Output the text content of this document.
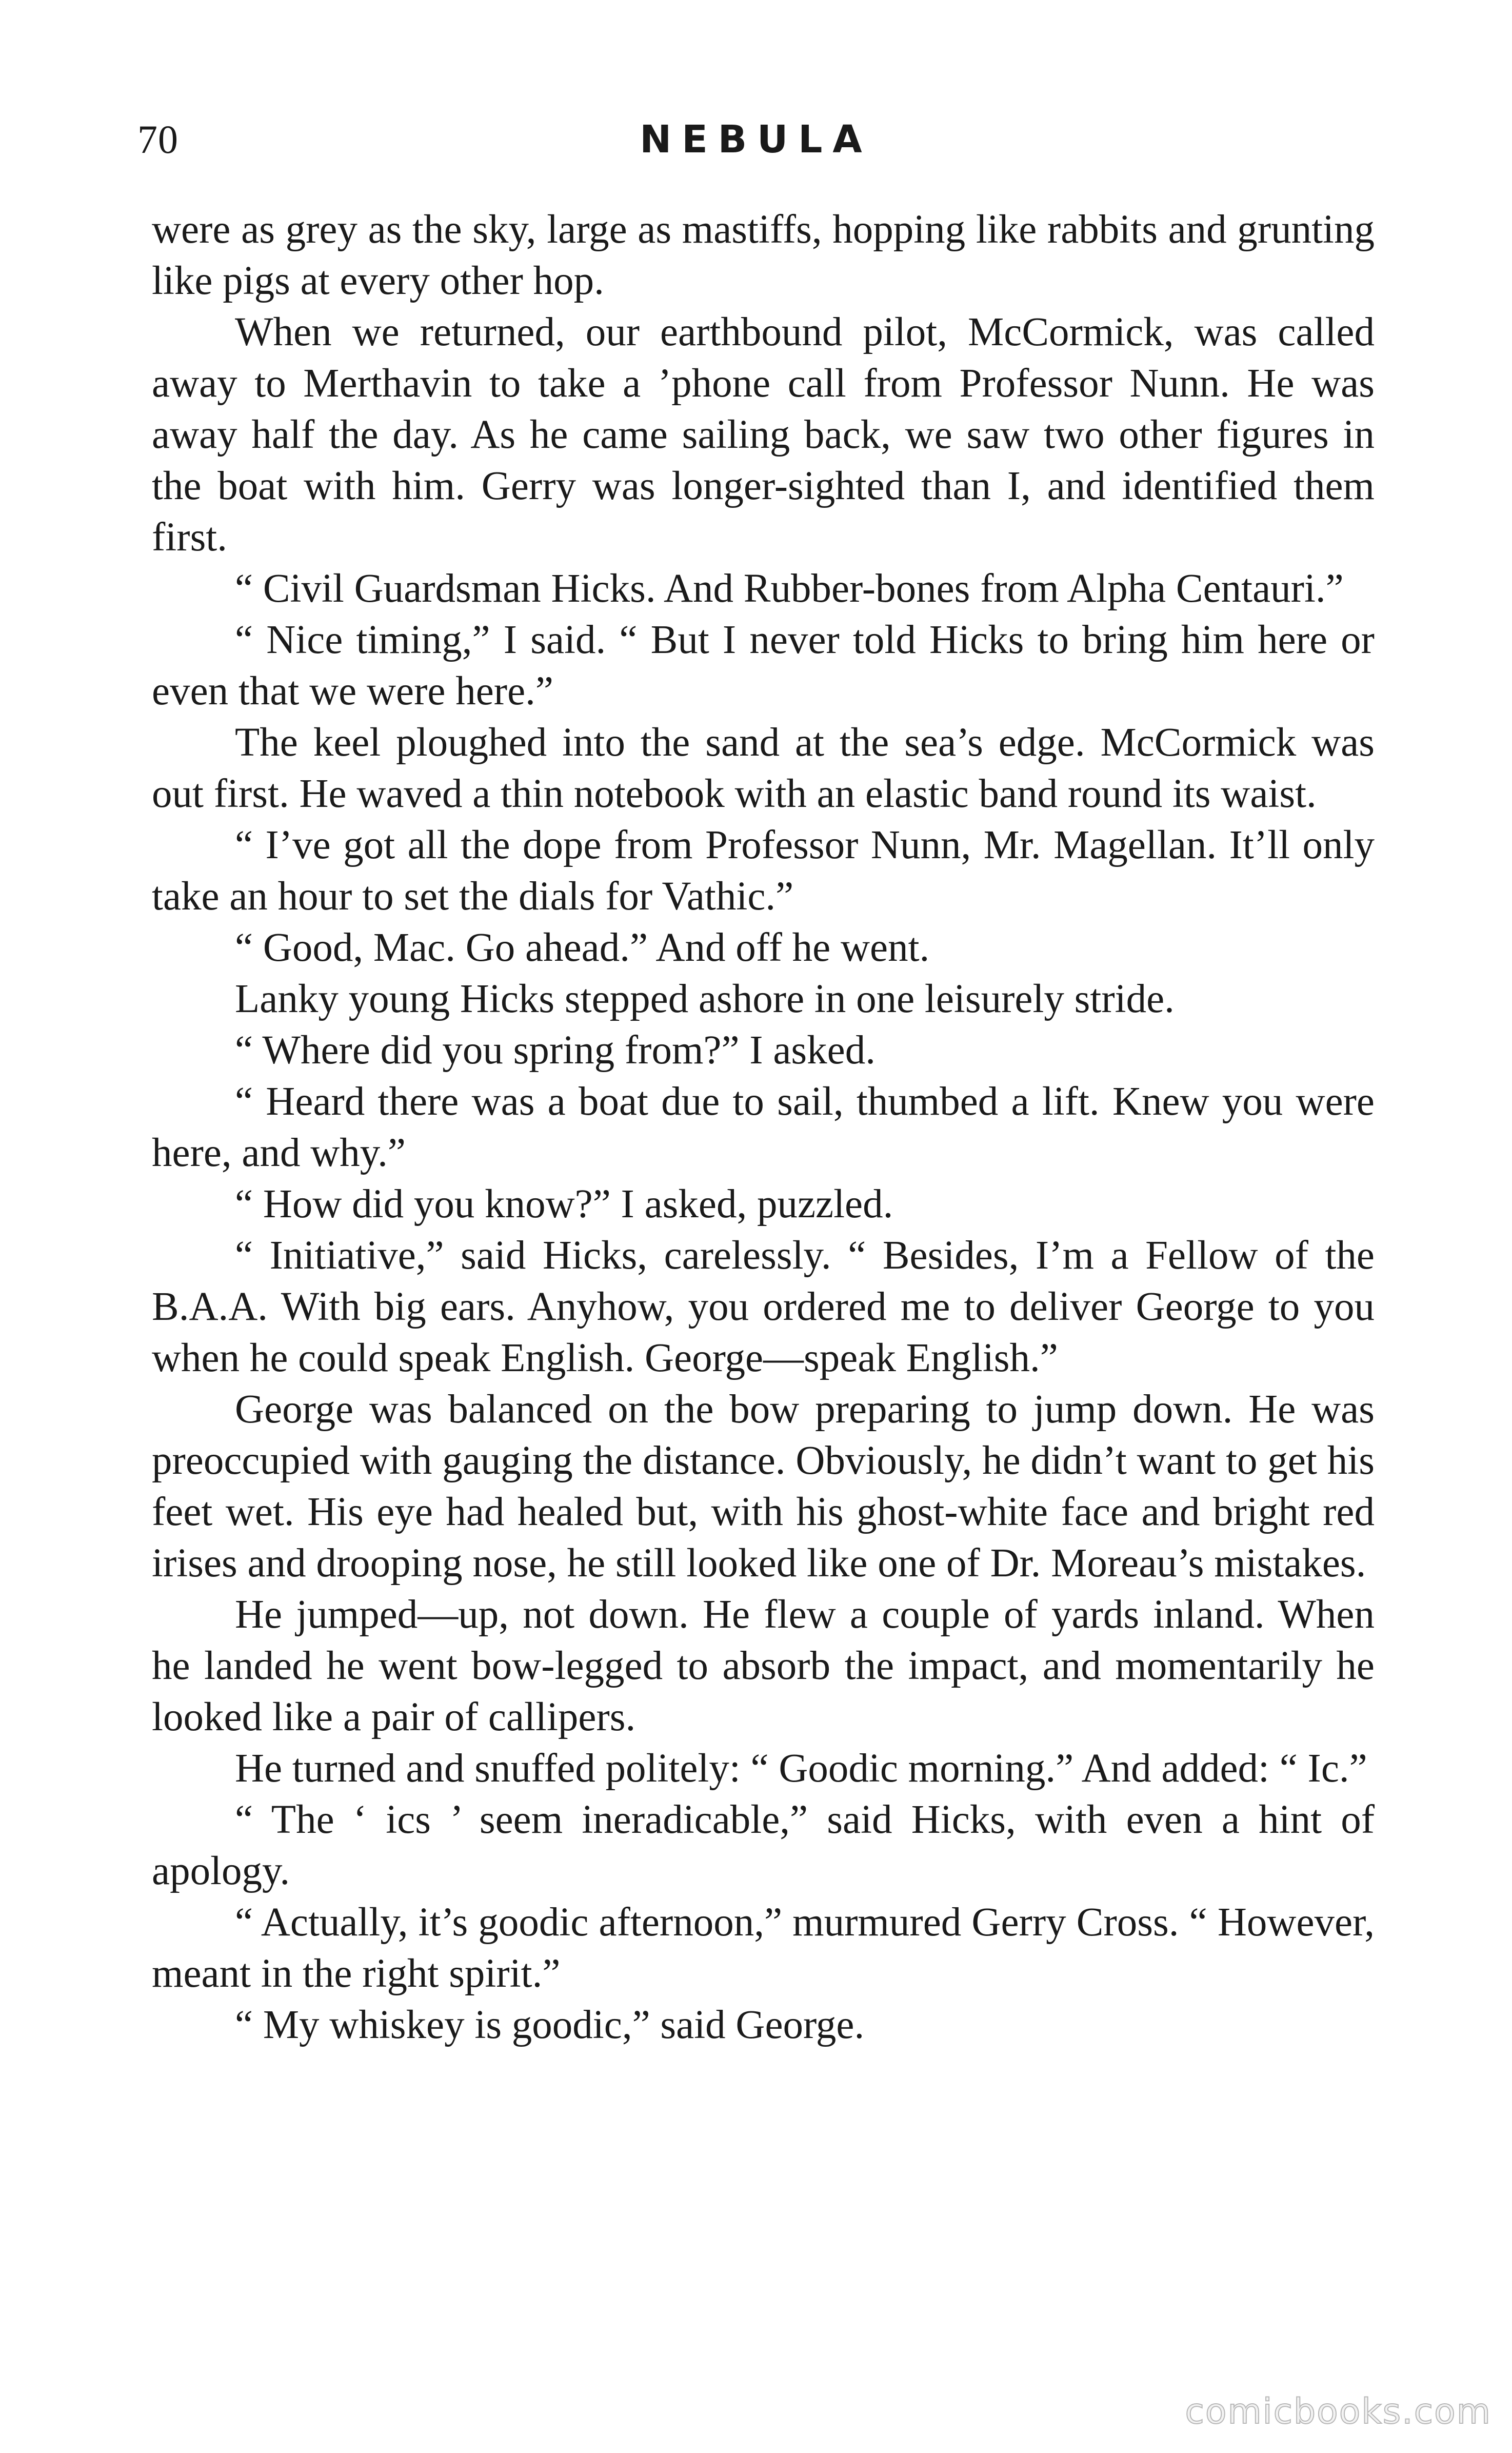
70	NEBULA

were as grey as the sky, large as mastiffs, hopping like rabbits and grunting like pigs at every other hop.

When we returned, our earthbound pilot, McCormick, was called away to Merthavin to take a ’phone call from Professor Nunn. He was away half the day. As he came sailing back, we saw two other figures in the boat with him. Gerry was longer-sighted than I, and identified them first.

“ Civil Guardsman Hicks. And Rubber-bones from Alpha Centauri.”

“ Nice timing,” I said. “ But I never told Hicks to bring him here or even that we were here.”

The keel ploughed into the sand at the sea’s edge. McCormick was out first. He waved a thin notebook with an elastic band round its waist.

“ I’ve got all the dope from Professor Nunn, Mr. Magellan. It’ll only take an hour to set the dials for Vathic.”

“ Good, Mac. Go ahead.” And off he went.

Lanky young Hicks stepped ashore in one leisurely stride.

“ Where did you spring from?” I asked.

“ Heard there was a boat due to sail, thumbed a lift. Knew you were here, and why.”

“ How did you know?” I asked, puzzled.

“ Initiative,” said Hicks, carelessly. “ Besides, I’m a Fellow of the B.A.A. With big ears. Anyhow, you ordered me to deliver George to you when he could speak English. George—speak English.”

George was balanced on the bow preparing to jump down. He was preoccupied with gauging the distance. Obviously, he didn’t want to get his feet wet. His eye had healed but, with his ghost-white face and bright red irises and drooping nose, he still looked like one of Dr. Moreau’s mistakes.

He jumped—up, not down. He flew a couple of yards inland. When he landed he went bow-legged to absorb the impact, and momentarily he looked like a pair of callipers.

He turned and snuffed politely: “ Goodic morning.” And added: “ Ic.”

“ The ‘ ics ’ seem ineradicable,” said Hicks, with even a hint of apology.

“ Actually, it’s goodic afternoon,” murmured Gerry Cross. “ However, meant in the right spirit.”

“ My whiskey is goodic,” said George.

comicbooks.com
